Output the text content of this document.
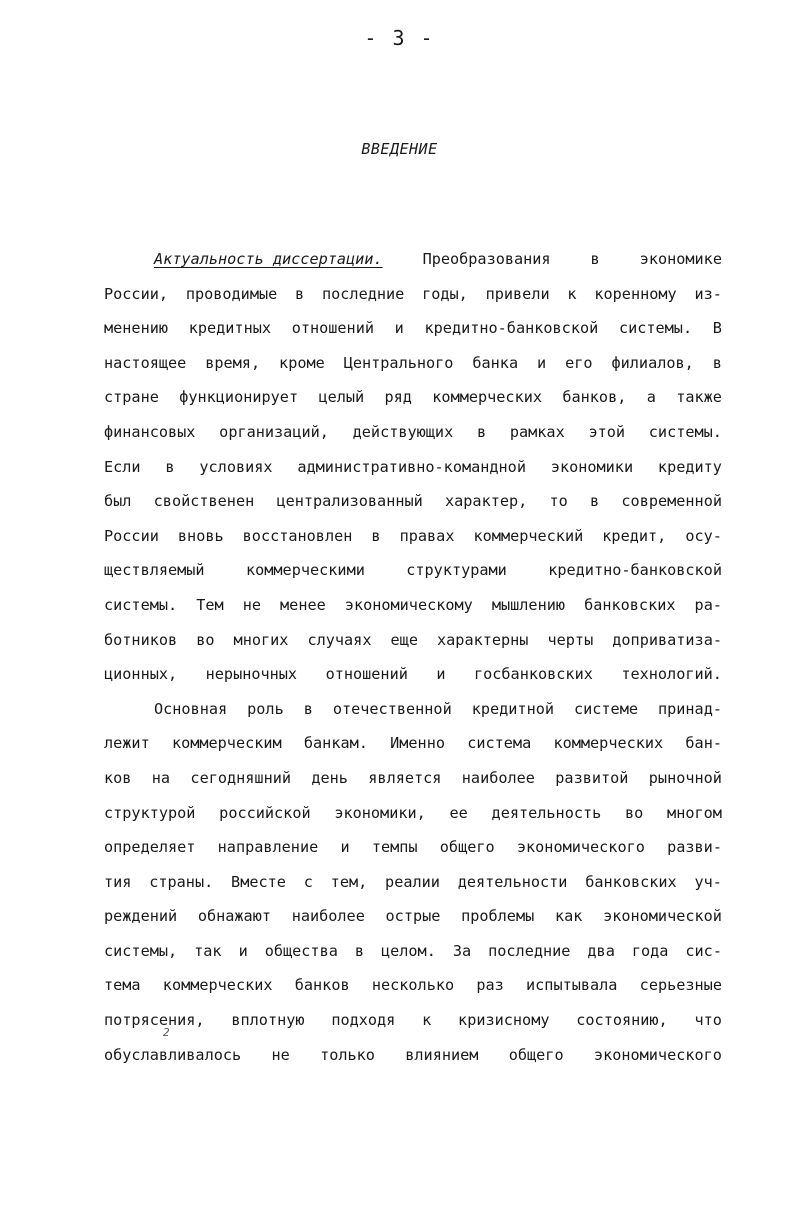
- 3 -
ВВЕДЕНИЕ
Актуальность диссертации.	Преобразования	в	экономике
России, проводимые в последние годы, привели к коренному из-
менению кредитных отношений и кредитно-банковской системы. В
настоящее время, кроме Центрального банка и его филиалов, в
стране функционирует целый ряд коммерческих банков, а также
финансовых организаций, действующих в рамках этой системы.
Если в условиях административно-командной экономики кредиту
был свойственен централизованный характер, то в современной
России вновь восстановлен в правах коммерческий кредит, осу-
ществляемый	коммерческими	структурами	кредитно-банковской
системы. Тем не менее экономическому мышлению банковских ра-
ботников во многих случаях еще характерны черты доприватиза-
ционных, нерыночных отношений и госбанковских технологий.
Основная роль в отечественной кредитной системе принад-
лежит коммерческим банкам. Именно система коммерческих бан-
ков на сегодняшний день является наиболее развитой рыночной
структурой российской экономики, ее деятельность во многом
определяет направление и темпы общего экономического разви-
тия страны. Вместе с тем, реалии деятельности банковских уч-
реждений обнажают наиболее острые проблемы как экономической
системы, так и общества в целом. За последние два года сис-
тема коммерческих банков несколько раз испытывала серьезные
потрясения, вплотную подходя к кризисному состоянию, что
обуславливалось не только влиянием общего экономического
2
